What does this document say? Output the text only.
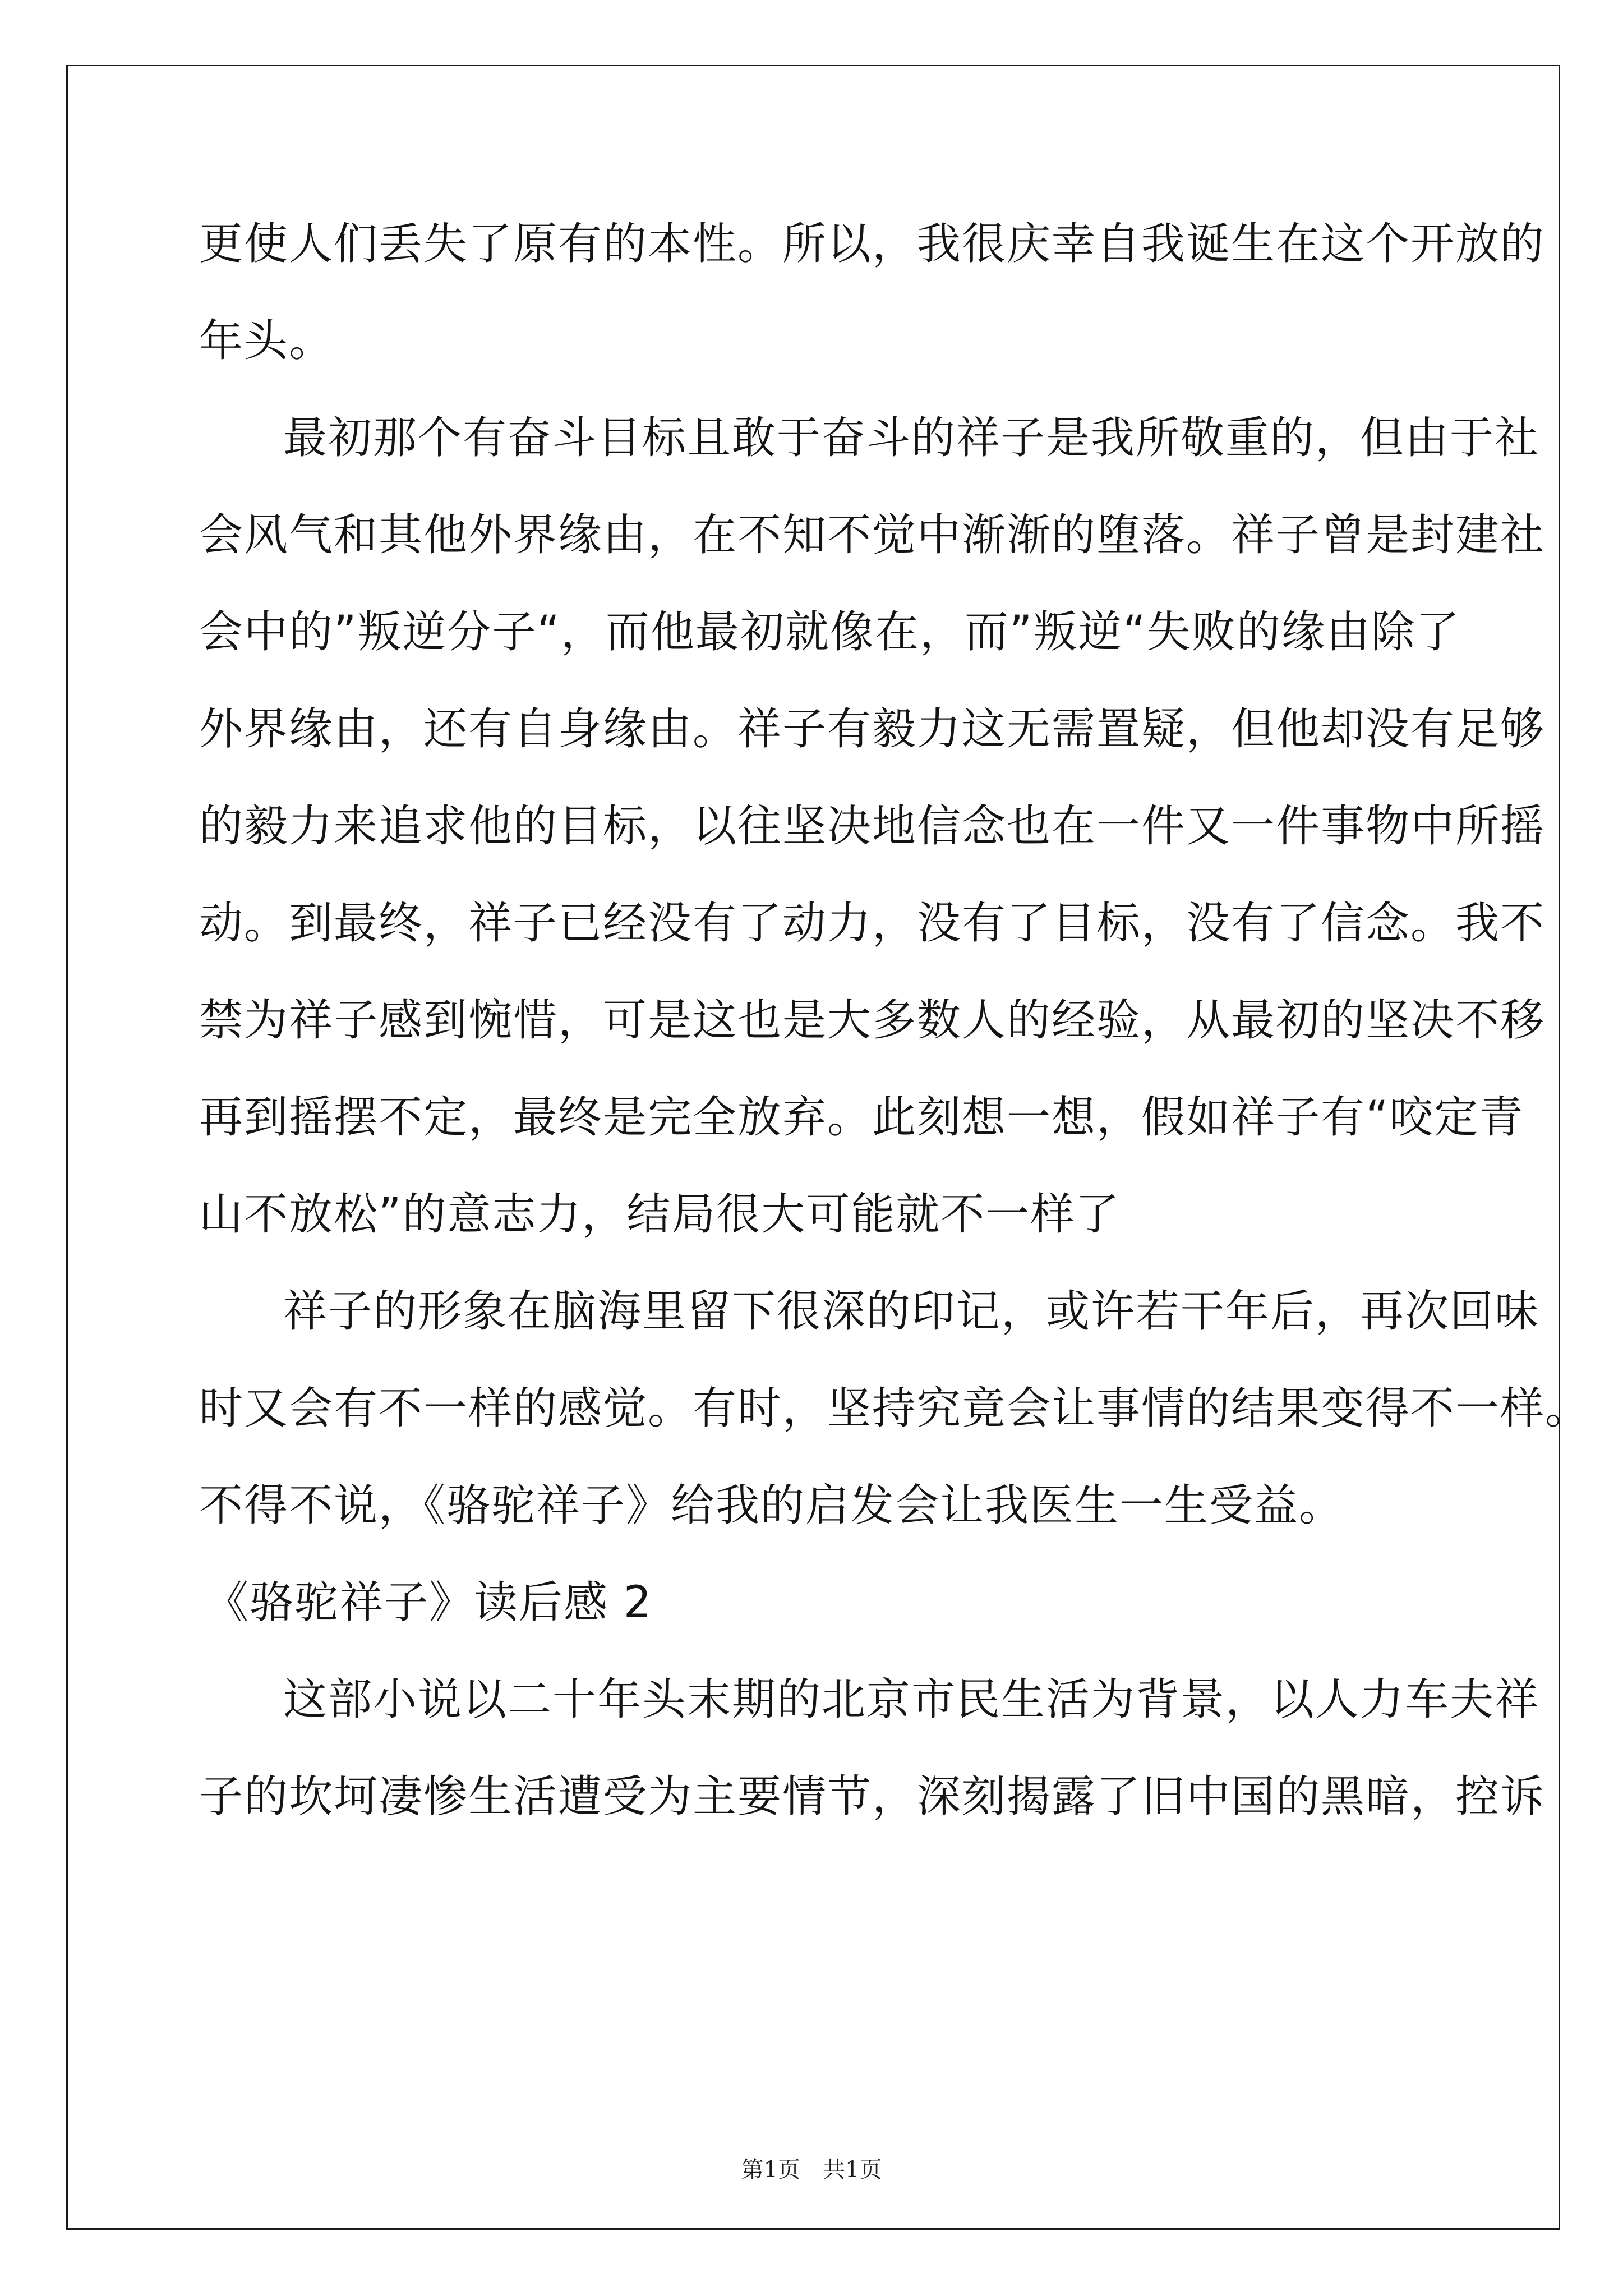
更使人们丢失了原有的本性。所以，我很庆幸自我诞生在这个开放的
年头。
最初那个有奋斗目标且敢于奋斗的祥子是我所敬重的，但由于社
会风气和其他外界缘由，在不知不觉中渐渐的堕落。祥子曾是封建社
会中的”叛逆分子“，而他最初就像在，而”叛逆“失败的缘由除了
外界缘由，还有自身缘由。祥子有毅力这无需置疑，但他却没有足够
的毅力来追求他的目标，以往坚决地信念也在一件又一件事物中所摇
动。到最终，祥子已经没有了动力，没有了目标，没有了信念。我不
禁为祥子感到惋惜，可是这也是大多数人的经验，从最初的坚决不移
再到摇摆不定，最终是完全放弃。此刻想一想，假如祥子有“咬定青
山不放松”的意志力，结局很大可能就不一样了
祥子的形象在脑海里留下很深的印记，或许若干年后，再次回味
时又会有不一样的感觉。有时，坚持究竟会让事情的结果变得不一样。
不得不说，《骆驼祥子》给我的启发会让我医生一生受益。
《骆驼祥子》读后感 2
这部小说以二十年头末期的北京市民生活为背景，以人力车夫祥
子的坎坷凄惨生活遭受为主要情节，深刻揭露了旧中国的黑暗，控诉
第1页　共1页
